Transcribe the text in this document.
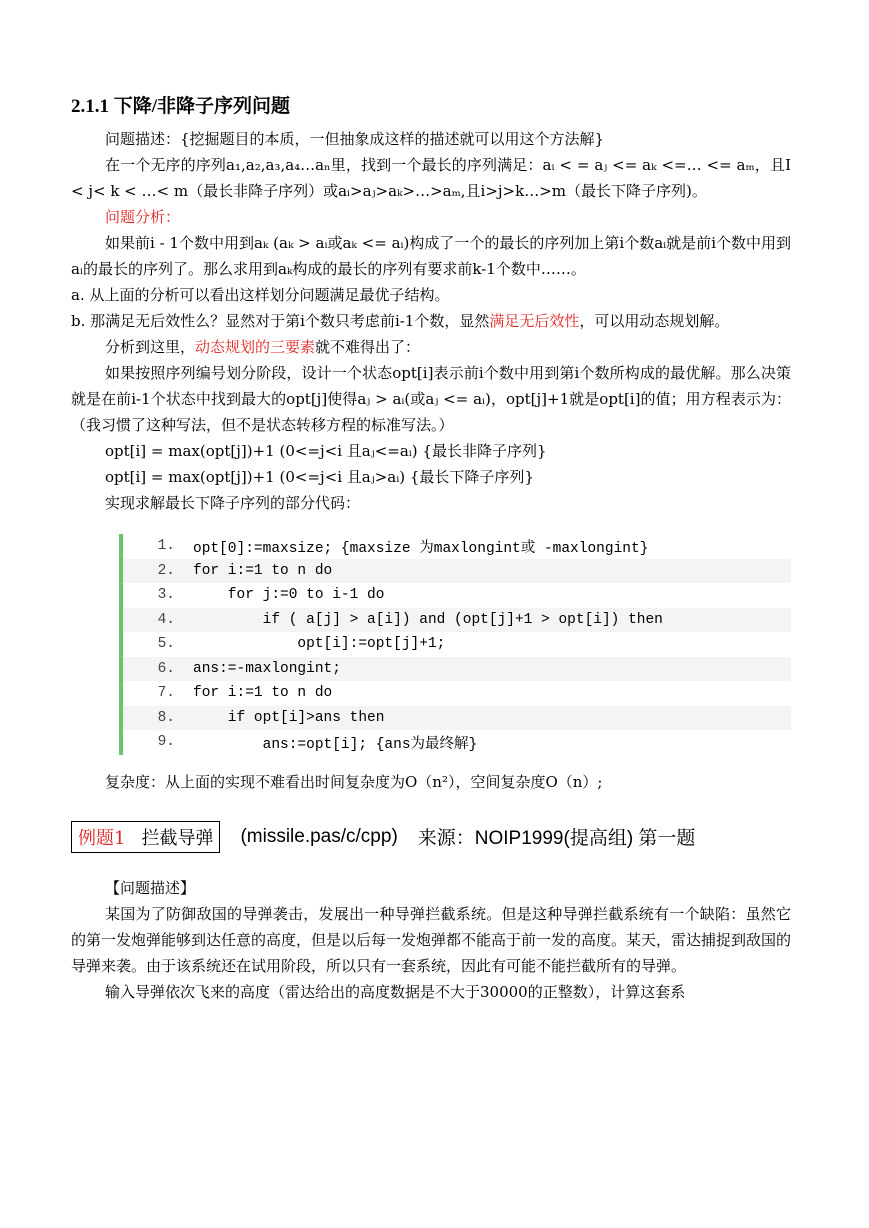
2.1.1 下降/非降子序列问题

问题描述：{挖掘题目的本质，一但抽象成这样的描述就可以用这个方法解}

在一个无序的序列a₁,a₂,a₃,a₄…aₙ里，找到一个最长的序列满足：aᵢ < = aⱼ <= aₖ <=… <= aₘ，且I < j< k < …< m（最长非降子序列）或aᵢ>aⱼ>aₖ>…>aₘ,且i>j>k…>m（最长下降子序列)。

问题分析：

如果前i - 1个数中用到aₖ (aₖ > aᵢ或aₖ <= aᵢ)构成了一个的最长的序列加上第i个数aᵢ就是前i个数中用到aᵢ的最长的序列了。那么求用到aₖ构成的最长的序列有要求前k-1个数中……。

a. 从上面的分析可以看出这样划分问题满足最优子结构。

b. 那满足无后效性么？显然对于第i个数只考虑前i-1个数，显然满足无后效性，可以用动态规划解。

分析到这里，动态规划的三要素就不难得出了：

如果按照序列编号划分阶段，设计一个状态opt[i]表示前i个数中用到第i个数所构成的最优解。那么决策就是在前i-1个状态中找到最大的opt[j]使得aⱼ > aᵢ(或aⱼ <= aᵢ)，opt[j]+1就是opt[i]的值；用方程表示为：（我习惯了这种写法，但不是状态转移方程的标准写法。）

opt[i] = max(opt[j])+1 (0<=j<i 且aⱼ<=aᵢ) {最长非降子序列}

opt[i] = max(opt[j])+1 (0<=j<i 且aⱼ>aᵢ) {最长下降子序列}

实现求解最长下降子序列的部分代码：

1.	opt[0]:=maxsize; {maxsize 为maxlongint或 -maxlongint}
2.	for i:=1 to n do
3.	for j:=0 to i-1 do
4.	if ( a[j] > a[i]) and (opt[j]+1 > opt[i]) then
5.	opt[i]:=opt[j]+1;
6.	ans:=-maxlongint;
7.	for i:=1 to n do
8.	if opt[i]>ans then
9.	ans:=opt[i]; {ans为最终解}

复杂度：从上面的实现不难看出时间复杂度为O（n²），空间复杂度O（n）;

例题1 拦截导弹	(missile.pas/c/cpp) 来源：NOIP1999(提高组) 第一题

【问题描述】

某国为了防御敌国的导弹袭击，发展出一种导弹拦截系统。但是这种导弹拦截系统有一个缺陷：虽然它的第一发炮弹能够到达任意的高度，但是以后每一发炮弹都不能高于前一发的高度。某天，雷达捕捉到敌国的导弹来袭。由于该系统还在试用阶段，所以只有一套系统，因此有可能不能拦截所有的导弹。

输入导弹依次飞来的高度（雷达给出的高度数据是不大于30000的正整数），计算这套系
